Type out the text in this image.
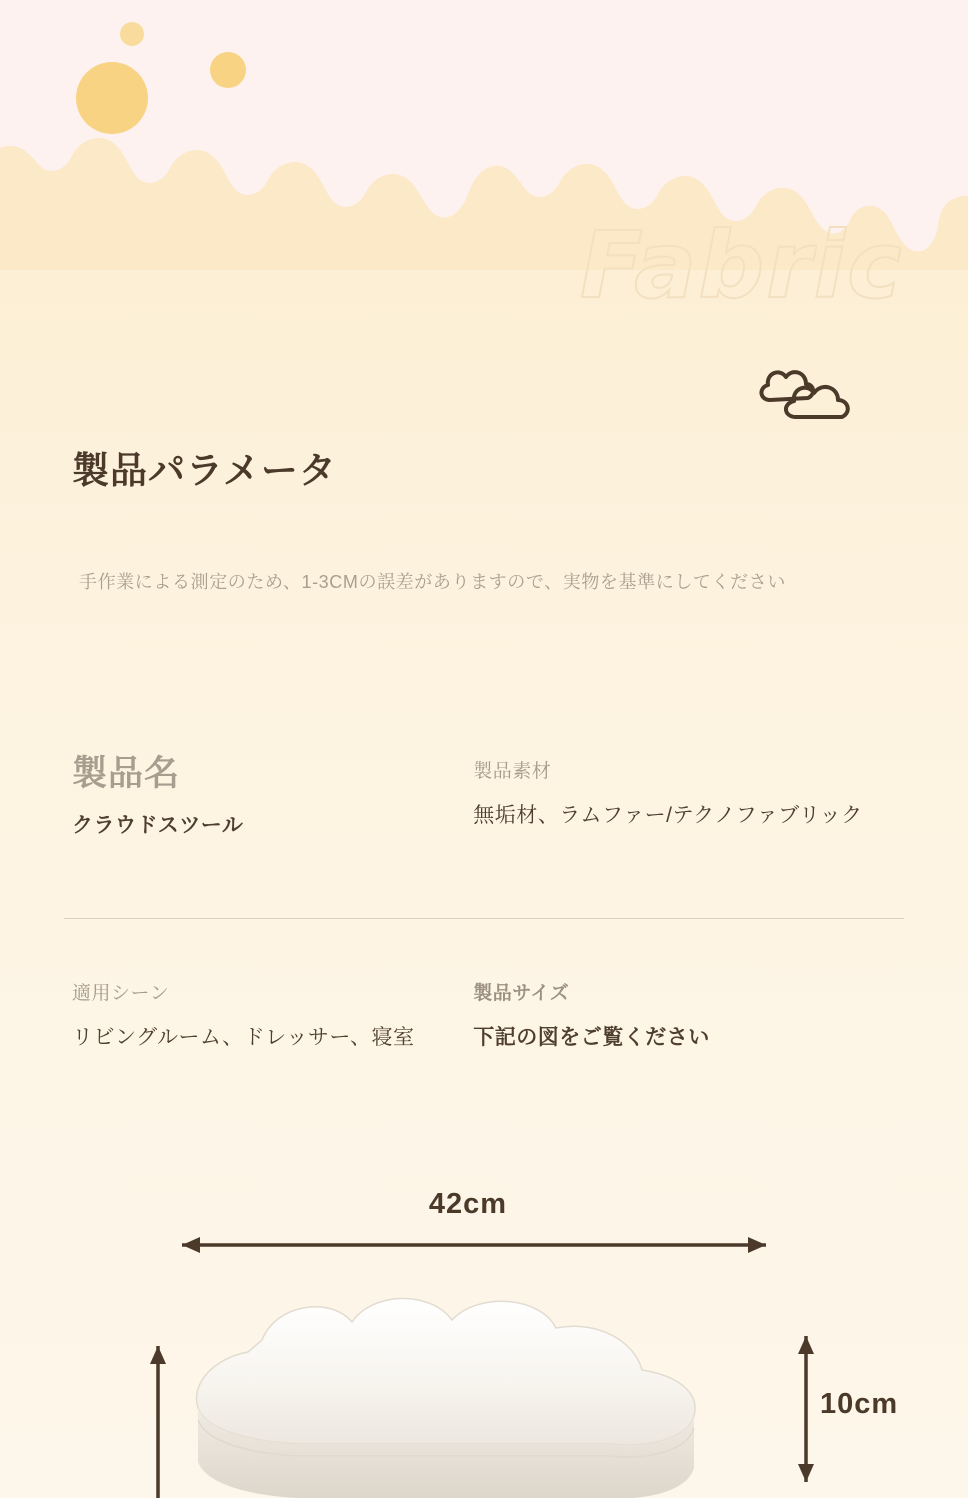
Fabric
製品パラメータ
手作業による測定のため、1-3CMの誤差がありますので、実物を基準にしてください
製品名
クラウドスツール
製品素材
無垢材、ラムファー/テクノファブリック
適用シーン
リビングルーム、ドレッサー、寝室
製品サイズ
下記の図をご覧ください
42cm
10cm
